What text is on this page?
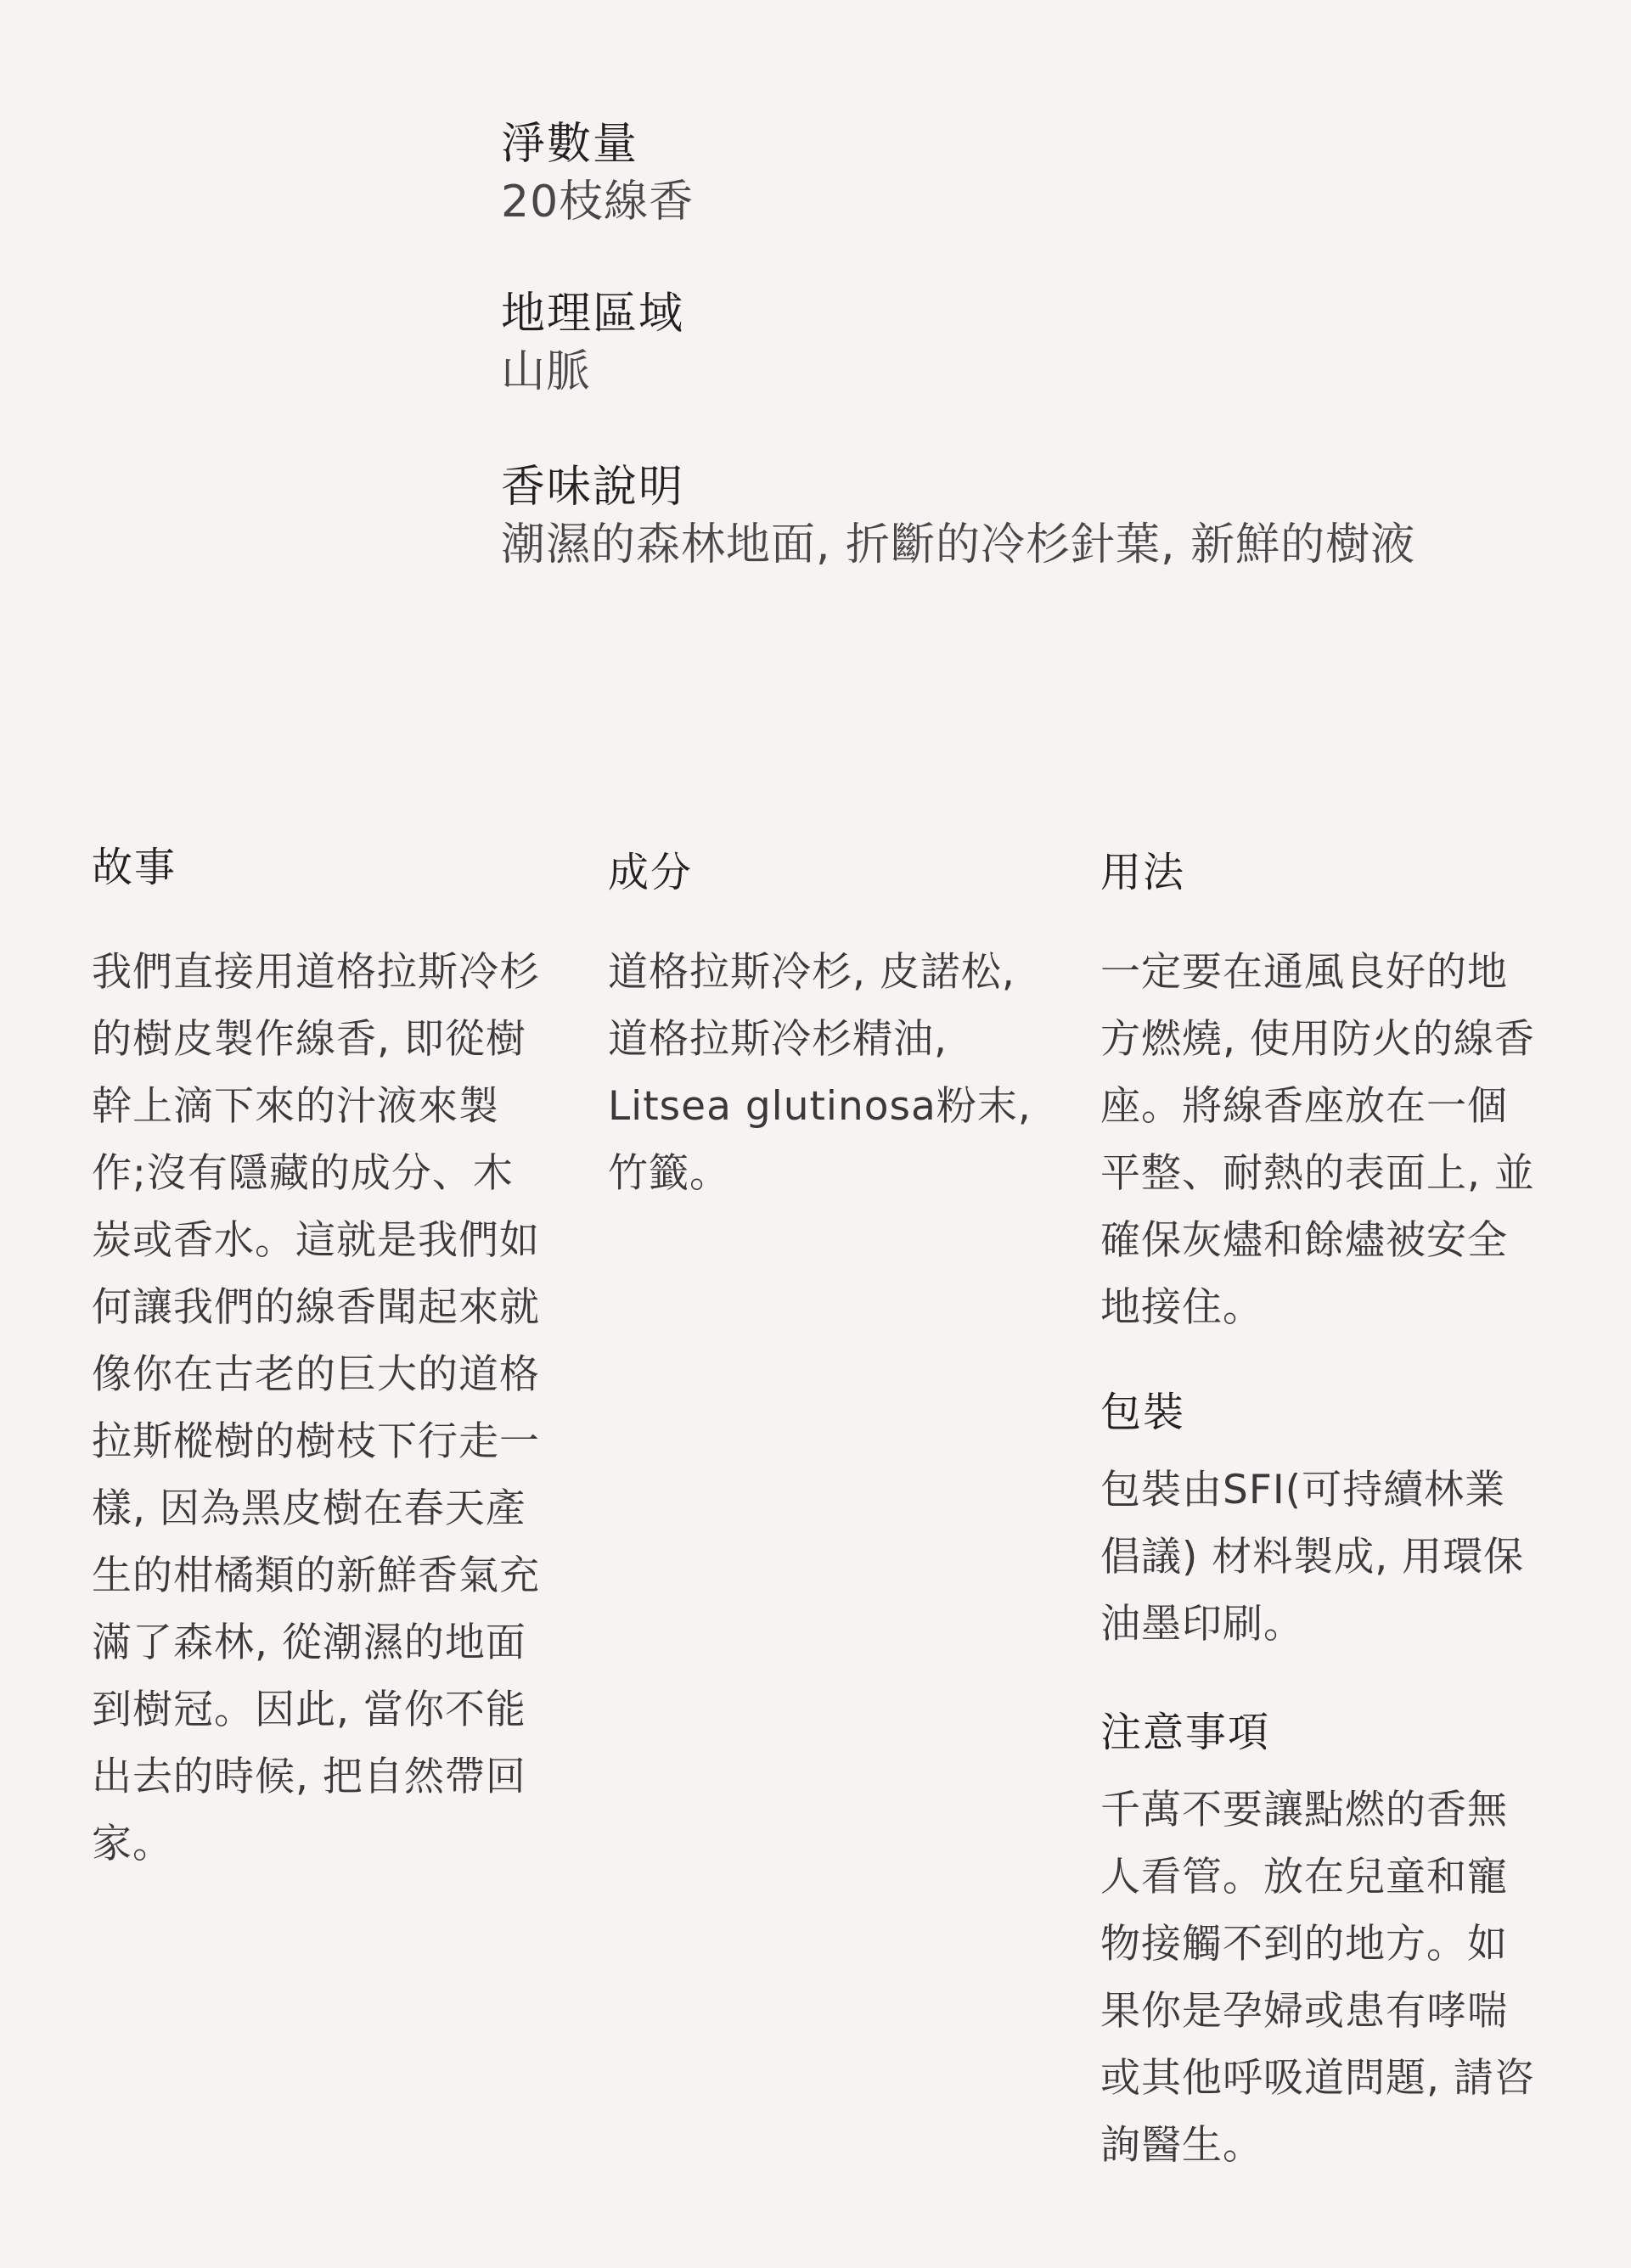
淨數量
20枝線香
地理區域
山脈
香味說明
潮濕的森林地面, 折斷的冷杉針葉, 新鮮的樹液
故事
我們直接用道格拉斯冷杉的樹皮製作線香, 即從樹幹上滴下來的汁液來製作;沒有隱藏的成分、木炭或香水。這就是我們如何讓我們的線香聞起來就像你在古老的巨大的道格拉斯樅樹的樹枝下行走一樣, 因為黑皮樹在春天產生的柑橘類的新鮮香氣充滿了森林, 從潮濕的地面到樹冠。因此, 當你不能出去的時候, 把自然帶回家。
成分
道格拉斯冷杉, 皮諾松, 道格拉斯冷杉精油, Litsea glutinosa粉末, 竹籤。
用法
一定要在通風良好的地方燃燒, 使用防火的線香座。將線香座放在一個平整、耐熱的表面上, 並確保灰燼和餘燼被安全地接住。
包裝
包裝由SFI(可持續林業倡議) 材料製成, 用環保油墨印刷。
注意事項
千萬不要讓點燃的香無人看管。放在兒童和寵物接觸不到的地方。如果你是孕婦或患有哮喘或其他呼吸道問題, 請咨詢醫生。
